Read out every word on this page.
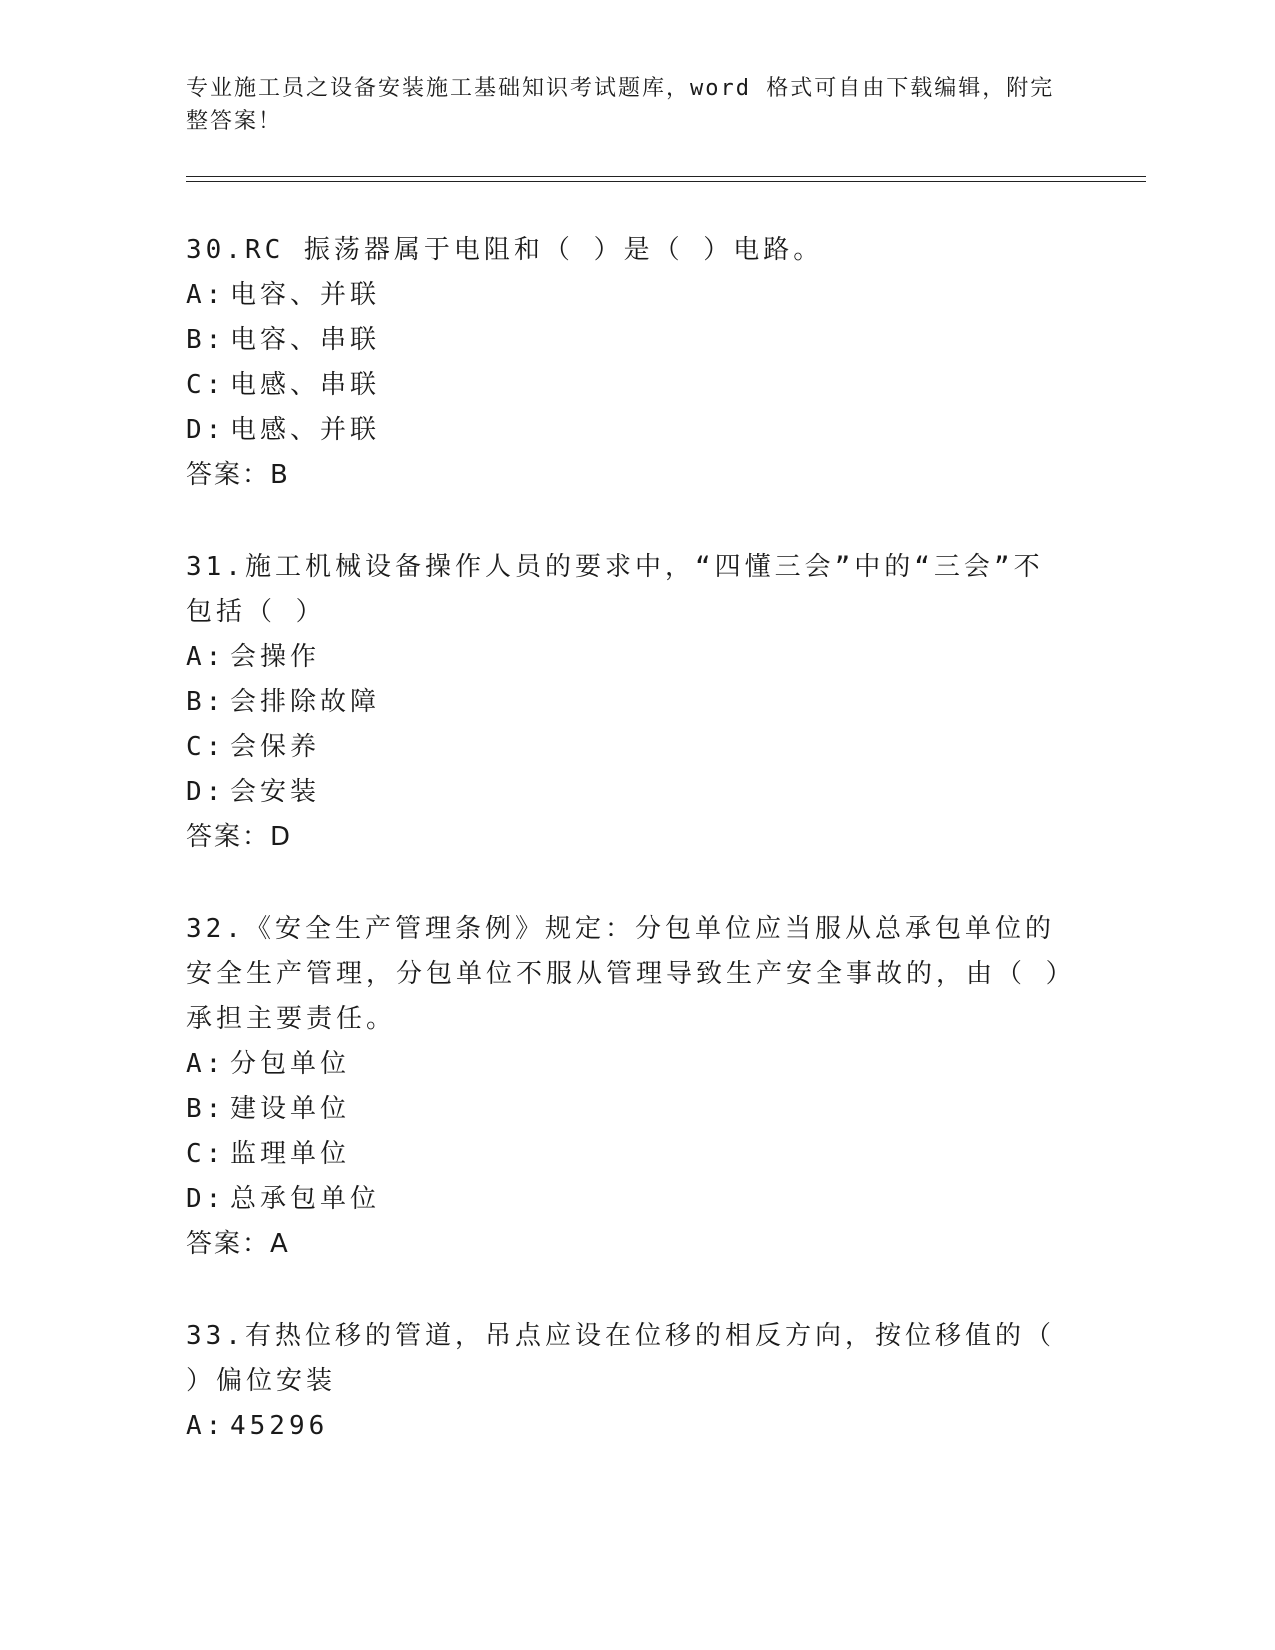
专业施工员之设备安装施工基础知识考试题库，word 格式可自由下载编辑，附完整答案！

30.RC 振荡器属于电阻和（ ）是（ ）电路。

A: 电容、并联

B: 电容、串联

C: 电感、串联

D: 电感、并联

答案：B

31.施工机械设备操作人员的要求中，“四懂三会”中的“三会”不包括（ ）

A: 会操作

B: 会排除故障

C: 会保养

D: 会安装

答案：D

32.《安全生产管理条例》规定：分包单位应当服从总承包单位的安全生产管理，分包单位不服从管理导致生产安全事故的，由（ ）承担主要责任。

A: 分包单位

B: 建设单位

C: 监理单位

D: 总承包单位

答案：A

33.有热位移的管道，吊点应设在位移的相反方向，按位移值的（ ）偏位安装

A: 45296
